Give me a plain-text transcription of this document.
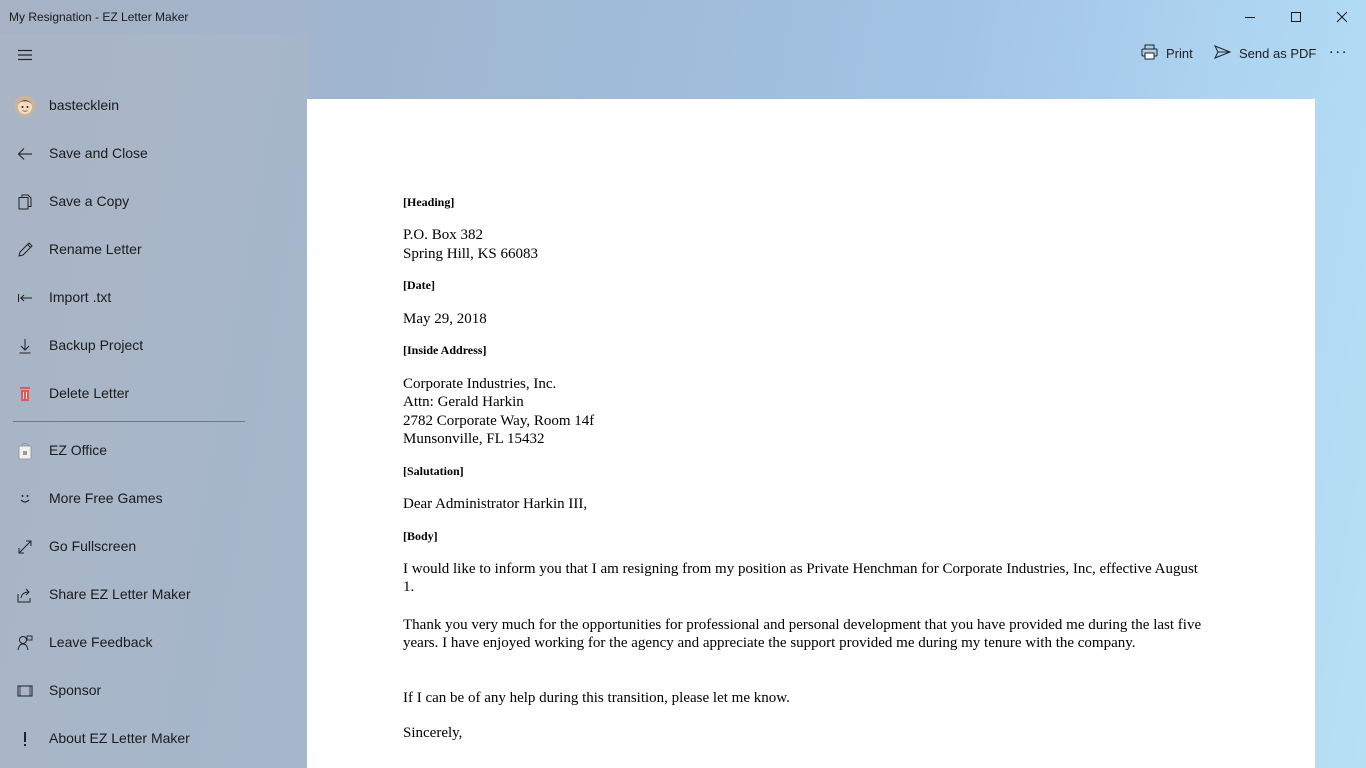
My Resignation - EZ Letter Maker
bastecklein
Save and Close
Save a Copy
Rename Letter
Import .txt
Backup Project
Delete Letter
EZ Office
More Free Games
Go Fullscreen
Share EZ Letter Maker
Leave Feedback
Sponsor
About EZ Letter Maker
Print	Send as PDF ...
[Heading]
P.O. Box 382
Spring Hill, KS 66083
[Date]
May 29, 2018
[Inside Address]
Corporate Industries, Inc.
Attn: Gerald Harkin
2782 Corporate Way, Room 14f
Munsonville, FL 15432
[Salutation]
Dear Administrator Harkin III,
[Body]
I would like to inform you that I am resigning from my position as Private Henchman for Corporate Industries, Inc, effective August 1.
Thank you very much for the opportunities for professional and personal development that you have provided me during the last five years. I have enjoyed working for the agency and appreciate the support provided me during my tenure with the company.
If I can be of any help during this transition, please let me know.
Sincerely,
